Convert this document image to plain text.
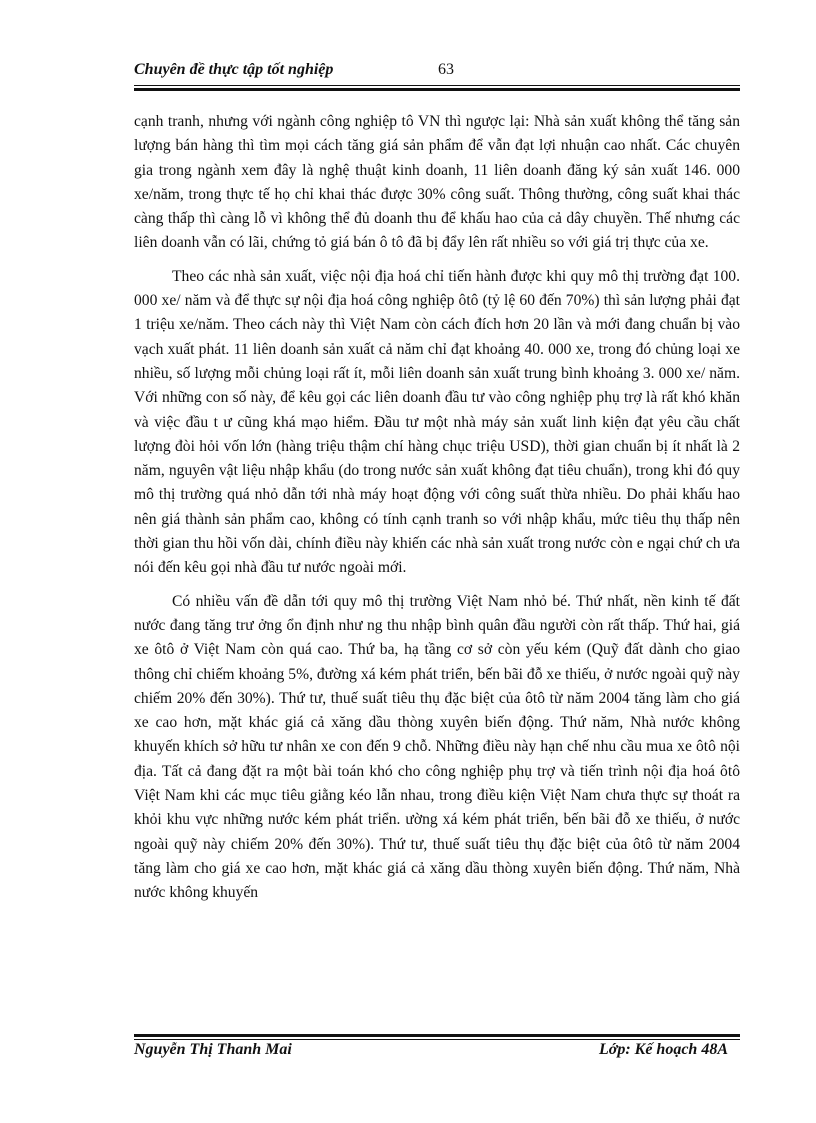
Chuyên đề thực tập tốt nghiệp	63

cạnh tranh, nhưng với ngành công nghiệp tô VN thì ngược lại: Nhà sản xuất không thể tăng sản lượng bán hàng thì tìm mọi cách tăng giá sản phẩm để vẫn đạt lợi nhuận cao nhất. Các chuyên gia trong ngành xem đây là nghệ thuật kinh doanh, 11 liên doanh đăng ký sản xuất 146. 000 xe/năm, trong thực tế họ chỉ khai thác được 30% công suất. Thông thường, công suất khai thác càng thấp thì càng lỗ vì không thể đủ doanh thu để khấu hao của cả dây chuyền. Thế nhưng các liên doanh vẫn có lãi, chứng tỏ giá bán ô tô đã bị đẩy lên rất nhiều so với giá trị thực của xe.

Theo các nhà sản xuất, việc nội địa hoá chỉ tiến hành được khi quy mô thị trường đạt 100. 000 xe/ năm và để thực sự nội địa hoá công nghiệp ôtô (tỷ lệ 60 đến 70%) thì sản lượng phải đạt 1 triệu xe/năm. Theo cách này thì Việt Nam còn cách đích hơn 20 lần và mới đang chuẩn bị vào vạch xuất phát. 11 liên doanh sản xuất cả năm chỉ đạt khoảng 40. 000 xe, trong đó chủng loại xe nhiều, số lượng mỗi chủng loại rất ít, mỗi liên doanh sản xuất trung bình khoảng 3. 000 xe/ năm. Với những con số này, để kêu gọi các liên doanh đầu tư vào công nghiệp phụ trợ là rất khó khăn và việc đầu t ư cũng khá mạo hiểm. Đầu tư một nhà máy sản xuất linh kiện đạt yêu cầu chất lượng đòi hỏi vốn lớn (hàng triệu thậm chí hàng chục triệu USD), thời gian chuẩn bị ít nhất là 2 năm, nguyên vật liệu nhập khẩu (do trong nước sản xuất không đạt tiêu chuẩn), trong khi đó quy mô thị trường quá nhỏ dẫn tới nhà máy hoạt động với công suất thừa nhiều. Do phải khấu hao nên giá thành sản phẩm cao, không có tính cạnh tranh so với nhập khẩu, mức tiêu thụ thấp nên thời gian thu hồi vốn dài, chính điều này khiến các nhà sản xuất trong nước còn e ngại chứ ch ưa nói đến kêu gọi nhà đầu tư nước ngoài mới.

Có nhiều vấn đề dẫn tới quy mô thị trường Việt Nam nhỏ bé. Thứ nhất, nền kinh tế đất nước đang tăng trư ởng ổn định như ng thu nhập bình quân đầu người còn rất thấp. Thứ hai, giá xe ôtô ở Việt Nam còn quá cao. Thứ ba, hạ tầng cơ sở còn yếu kém (Quỹ đất dành cho giao thông chỉ chiếm khoảng 5%, đường xá kém phát triển, bến bãi đỗ xe thiếu, ở nước ngoài quỹ này chiếm 20% đến 30%). Thứ tư, thuế suất tiêu thụ đặc biệt của ôtô từ năm 2004 tăng làm cho giá xe cao hơn, mặt khác giá cả xăng dầu thòng xuyên biến động. Thứ năm, Nhà nước không khuyến khích sở hữu tư nhân xe con đến 9 chỗ. Những điều này hạn chế nhu cầu mua xe ôtô nội địa. Tất cả đang đặt ra một bài toán khó cho công nghiệp phụ trợ và tiến trình nội địa hoá ôtô Việt Nam khi các mục tiêu giằng kéo lẫn nhau, trong điều kiện Việt Nam chưa thực sự thoát ra khỏi khu vực những nước kém phát triển. ường xá kém phát triển, bến bãi đỗ xe thiếu, ở nước ngoài quỹ này chiếm 20% đến 30%). Thứ tư, thuế suất tiêu thụ đặc biệt của ôtô từ năm 2004 tăng làm cho giá xe cao hơn, mặt khác giá cả xăng dầu thòng xuyên biến động. Thứ năm, Nhà nước không khuyến

Nguyễn Thị Thanh Mai	Lớp: Kế hoạch 48A
